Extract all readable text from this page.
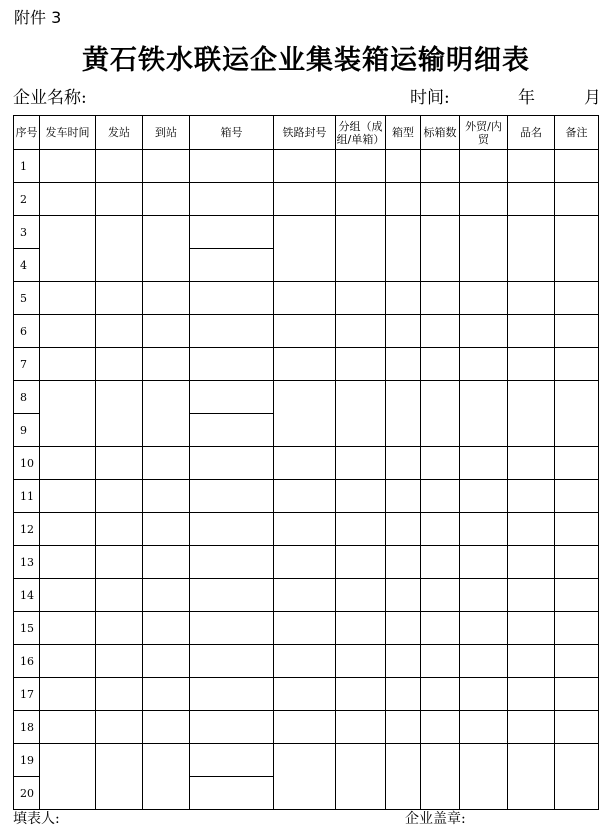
附件 3
黄石铁水联运企业集装箱运输明细表
企业名称:	时间:	年	月
序号	发车时间	发站	到站	箱号	铁路封号	分组（成组/单箱）	箱型	标箱数	外贸/内贸	品名	备注
1											
2											
3											
4											
5											
6											
7											
8											
9											
10											
11											
12											
13											
14											
15											
16											
17											
18											
19											
20											
填表人:	企业盖章:
